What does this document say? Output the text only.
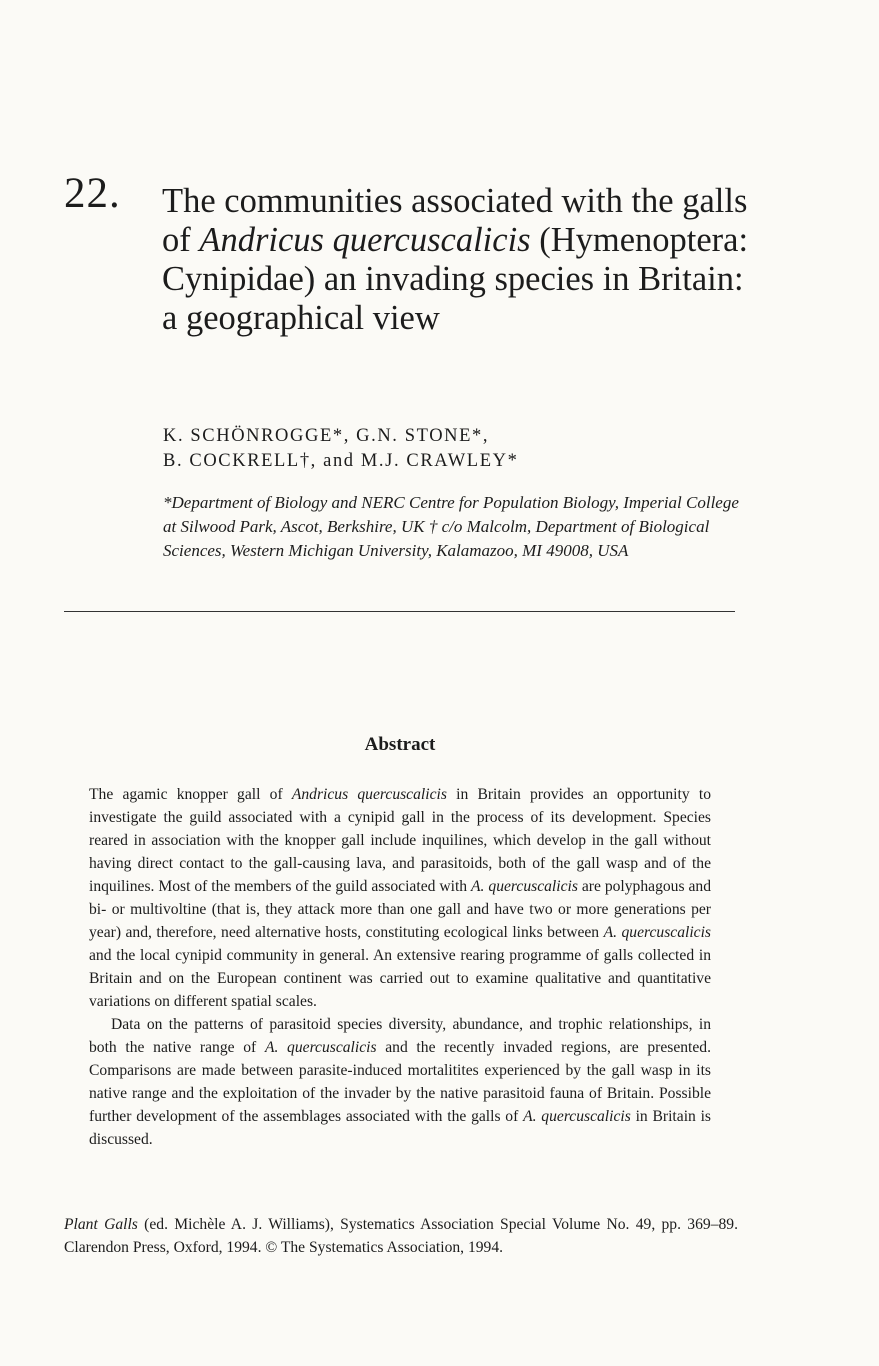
22. The communities associated with the galls of Andricus quercuscalicis (Hymenoptera: Cynipidae) an invading species in Britain: a geographical view

K. SCHÖNROGGE*, G.N. STONE*,
B. COCKRELL†, and M.J. CRAWLEY*

*Department of Biology and NERC Centre for Population Biology, Imperial College at Silwood Park, Ascot, Berkshire, UK † c/o Malcolm, Department of Biological Sciences, Western Michigan University, Kalamazoo, MI 49008, USA

Abstract

The agamic knopper gall of Andricus quercuscalicis in Britain provides an opportunity to investigate the guild associated with a cynipid gall in the process of its development. Species reared in association with the knopper gall include inquilines, which develop in the gall without having direct contact to the gall-causing lava, and parasitoids, both of the gall wasp and of the inquilines. Most of the members of the guild associated with A. quercuscalicis are polyphagous and bi- or multivoltine (that is, they attack more than one gall and have two or more generations per year) and, therefore, need alternative hosts, constituting ecological links between A. quercuscalicis and the local cynipid community in general. An extensive rearing programme of galls collected in Britain and on the European continent was carried out to examine qualitative and quantitative variations on different spatial scales.

Data on the patterns of parasitoid species diversity, abundance, and trophic relationships, in both the native range of A. quercuscalicis and the recently invaded regions, are presented. Comparisons are made between parasite-induced mortalitites experienced by the gall wasp in its native range and the exploitation of the invader by the native parasitoid fauna of Britain. Possible further development of the assemblages associated with the galls of A. quercuscalicis in Britain is discussed.

Plant Galls (ed. Michèle A. J. Williams), Systematics Association Special Volume No. 49, pp. 369–89. Clarendon Press, Oxford, 1994. © The Systematics Association, 1994.
